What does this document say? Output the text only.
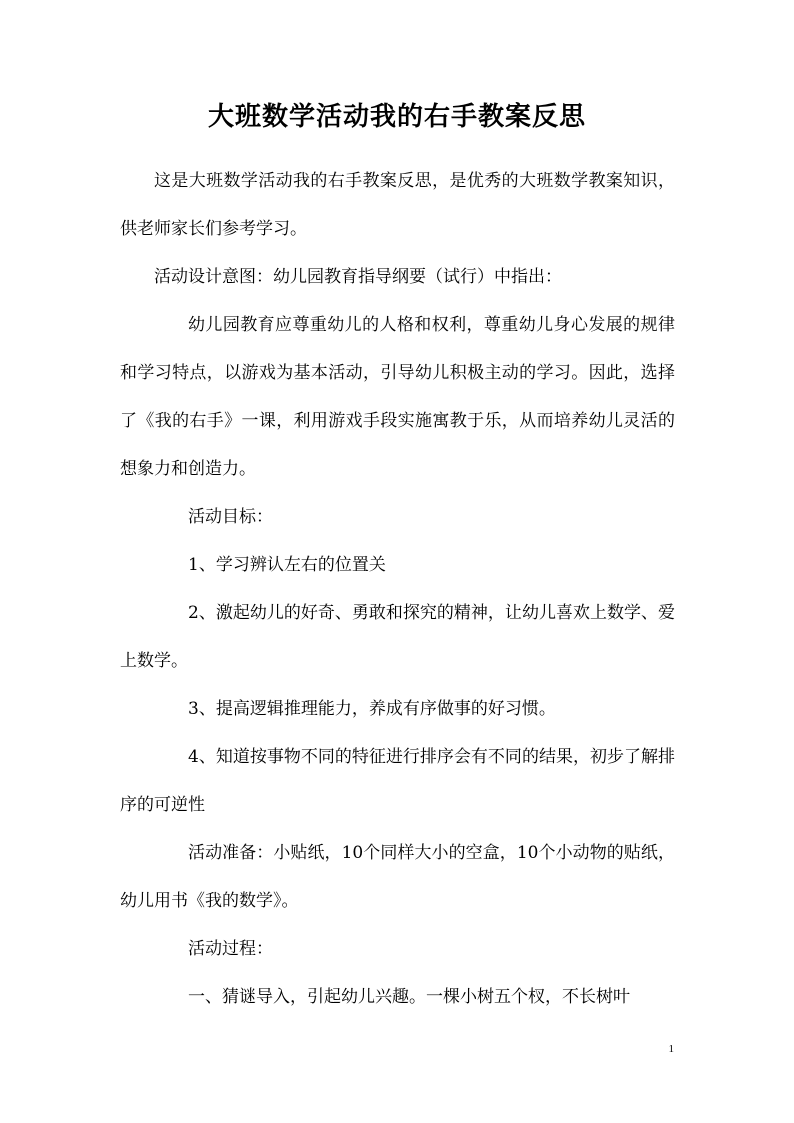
大班数学活动我的右手教案反思

这是大班数学活动我的右手教案反思，是优秀的大班数学教案知识，供老师家长们参考学习。

活动设计意图：幼儿园教育指导纲要（试行）中指出：

幼儿园教育应尊重幼儿的人格和权利，尊重幼儿身心发展的规律和学习特点，以游戏为基本活动，引导幼儿积极主动的学习。因此，选择了《我的右手》一课，利用游戏手段实施寓教于乐，从而培养幼儿灵活的想象力和创造力。

活动目标：

1、学习辨认左右的位置关

2、激起幼儿的好奇、勇敢和探究的精神，让幼儿喜欢上数学、爱上数学。

3、提高逻辑推理能力，养成有序做事的好习惯。

4、知道按事物不同的特征进行排序会有不同的结果，初步了解排序的可逆性

活动准备：小贴纸，10个同样大小的空盒，10个小动物的贴纸，幼儿用书《我的数学》。

活动过程：

一、猜谜导入，引起幼儿兴趣。一棵小树五个杈，不长树叶

1
